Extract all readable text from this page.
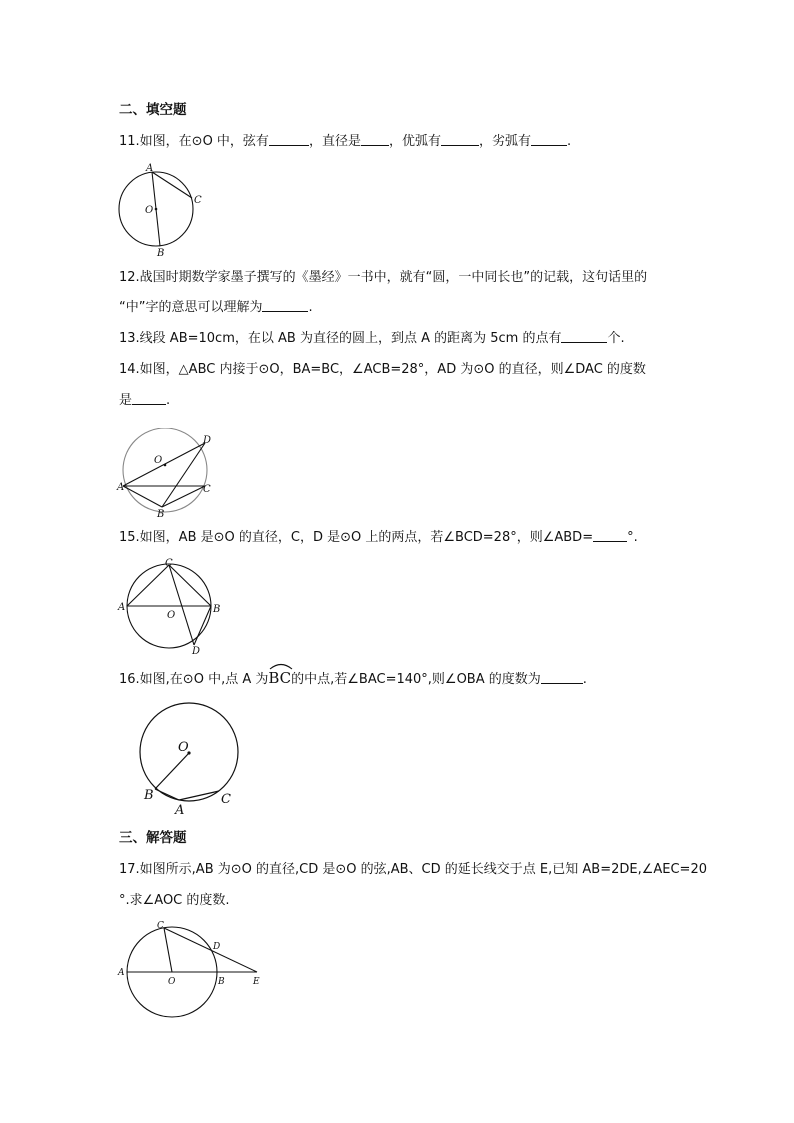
二、填空题
11.如图，在⊙O 中，弦有	，直径是 ，优弧有	，劣弧有	.
A
C
O
B
12.战国时期数学家墨子撰写的《墨经》一书中，就有“圆，一中同长也”的记载，这句话里的
“中”字的意思可以理解为	.
13.线段 AB=10cm，在以 AB 为直径的圆上，到点 A 的距离为 5cm 的点有	个.
14.如图，△ABC 内接于⊙O，BA=BC，∠ACB=28°，AD 为⊙O 的直径，则∠DAC 的度数
是	.
O
D
A	C
B
15.如图，AB 是⊙O 的直径，C，D 是⊙O 上的两点，若∠BCD=28°，则∠ABD=	°.
C
A	B
O
D
16.如图,在⊙O 中,点 A 为
BC的中点,若∠BAC=140°,则∠OBA 的度数为	.
O
B
A
C
三、解答题
17.如图所示,AB 为⊙O 的直径,CD 是⊙O 的弦,AB、CD 的延长线交于点 E,已知 AB=2DE,∠AEC=20
°.求∠AOC 的度数.
C
D
A
O	B	E
